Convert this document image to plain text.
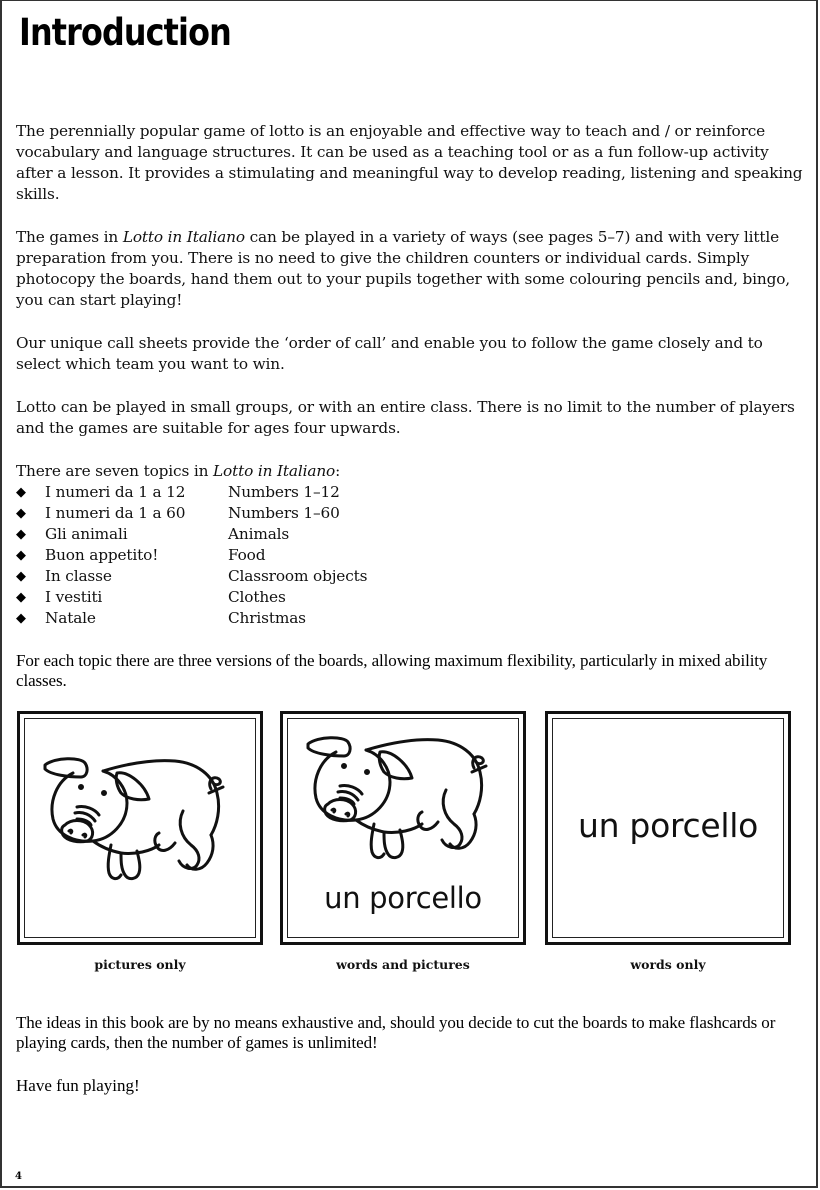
Introduction

The perennially popular game of lotto is an enjoyable and effective way to teach and / or reinforce vocabulary and language structures. It can be used as a teaching tool or as a fun follow-up activity after a lesson. It provides a stimulating and meaningful way to develop reading, listening and speaking skills.

The games in Lotto in Italiano can be played in a variety of ways (see pages 5–7) and with very little preparation from you. There is no need to give the children counters or individual cards. Simply photocopy the boards, hand them out to your pupils together with some colouring pencils and, bingo, you can start playing!

Our unique call sheets provide the ‘order of call’ and enable you to follow the game closely and to select which team you want to win.

Lotto can be played in small groups, or with an entire class. There is no limit to the number of players and the games are suitable for ages four upwards.

There are seven topics in Lotto in Italiano:

◆	I numeri da 1 a 12	Numbers 1–12
◆	I numeri da 1 a 60	Numbers 1–60
◆	Gli animali	Animals
◆	Buon appetito!	Food
◆	In classe	Classroom objects
◆	I vestiti	Clothes
◆	Natale	Christmas

For each topic there are three versions of the boards, allowing maximum flexibility, particularly in mixed ability classes.

un porcello
un porcello
pictures only	words and pictures	words only

The ideas in this book are by no means exhaustive and, should you decide to cut the boards to make flashcards or playing cards, then the number of games is unlimited!

Have fun playing!

4
